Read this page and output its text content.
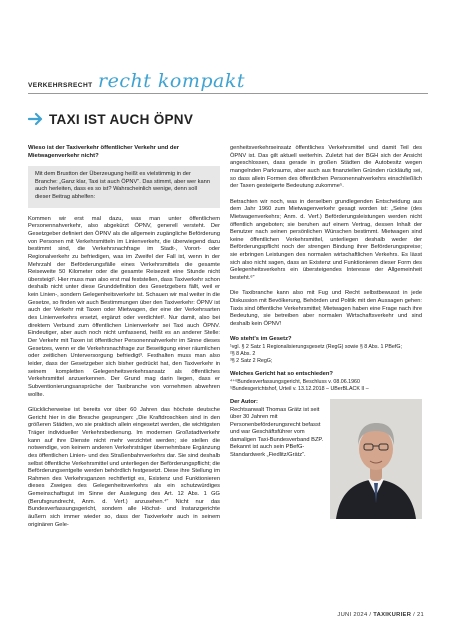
VERKEHRSRECHT recht kompakt
TAXI IST AUCH ÖPNV

Wieso ist der Taxiverkehr öffentlicher Verkehr und der Mietwagenverkehr nicht?

Mit dem Brustton der Überzeugung heißt es vielstimmig in der Branche: „Ganz klar, Taxi ist auch ÖPNV“. Das stimmt, aber wer kann auch herleiten, dass es so ist? Wahrscheinlich wenige, denn soll dieser Beitrag abhelfen:

Kommen wir erst mal dazu, was man unter öffentlichem Personennahverkehr, also abgekürzt ÖPNV, generell versteht. Der Gesetzgeber definiert den ÖPNV als die allgemein zugängliche Beförderung von Personen mit Verkehrsmitteln im Linienverkehr, die überwiegend dazu bestimmt sind, die Verkehrsnachfrage im Stadt-, Vorort- oder Regionalverkehr zu befriedigen, was im Zweifel der Fall ist, wenn in der Mehrzahl der Beförderungsfälle eines Verkehrsmittels die gesamte Reiseweite 50 Kilometer oder die gesamte Reisezeit eine Stunde nicht übersteigt¹. Hier muss man also erst mal feststellen, dass Taxiverkehr schon deshalb nicht unter diese Grunddefinition des Gesetzgebers fällt, weil er kein Linien-, sondern Gelegenheitsverkehr ist. Schauen wir mal weiter in die Gesetze, so finden wir auch Bestimmungen über den Taxiverkehr: ÖPNV ist auch der Verkehr mit Taxen oder Mietwagen, der eine der Verkehrsarten des Linienverkehrs ersetzt, ergänzt oder verdichtet². Nur damit, also bei direktem Verbund zum öffentlichen Linienverkehr sei Taxi auch ÖPNV. Eindeutiger, aber auch noch nicht umfassend, heißt es an anderer Stelle: Der Verkehr mit Taxen ist öffentlicher Personennahverkehr im Sinne dieses Gesetzes, wenn er die Verkehrsnachfrage zur Beseitigung einer räumlichen oder zeitlichen Unterversorgung befriedigt³. Festhalten muss man also leider, dass der Gesetzgeber sich bisher gedrückt hat, den Taxiverkehr in seinem kompletten Gelegenheitsverkehrsansatz als öffentliches Verkehrsmittel anzuerkennen. Der Grund mag darin liegen, dass er Subventionierungsansprüche der Taxibranche von vornehmen abwehren wollte.

Glücklicherweise ist bereits vor über 60 Jahren das höchste deutsche Gericht hier in die Bresche gesprungen: „Die Kraftdroschken sind in den größeren Städten, wo sie praktisch allein eingesetzt werden, die wichtigsten Träger individueller Verkehrsbedienung. Im modernen Großstadtverkehr kann auf ihre Dienste nicht mehr verzichtet werden; sie stellen die notwendige, von keinem anderen Verkehrsträger übernehmbare Ergänzung des öffentlichen Linien- und des Straßenbahnverkehrs dar. Sie sind deshalb selbst öffentliche Verkehrsmittel und unterliegen der Beförderungspflicht; die Beförderungsentgelte werden behördlich festgesetzt. Diese ihre Stellung im Rahmen des Verkehrsganzen rechtfertigt es, Existenz und Funktionieren dieses Zweiges des Gelegenheitsverkehrs als ein schutzwürdiges Gemeinschaftsgut im Sinne der Auslegung des Art. 12 Abs. 1 GG (Berufsgrundrecht, Anm. d. Verf.) anzusehen.⁴“ Nicht nur das Bundesverfassungsgericht, sondern alle Höchst- und Instanzgerichte äußern sich immer wieder so, dass der Taxiverkehr auch in seinem originären Gele-

genheitsverkehrseinsatz öffentliches Verkehrsmittel und damit Teil des ÖPNV ist. Das gilt aktuell weiterhin. Zuletzt hat der BGH sich der Ansicht angeschlossen, dass gerade in großen Städten die Autobesitz wegen mangelnden Parkraums, aber auch aus finanziellen Gründen rückläufig sei, so dass allein Formen des öffentlichen Personennahverkehrs einschließlich der Taxen gesteigerte Bedeutung zukomme⁵.

Betrachten wir noch, was in derselben grundlegenden Entscheidung aus dem Jahr 1960 zum Mietwagenverkehr gesagt worden ist: „Seine (des Mietwagenverkehrs; Anm. d. Verf.) Beförderungsleistungen werden nicht öffentlich angeboten; sie beruhen auf einem Vertrag, dessen Inhalt der Benutzer nach seinen persönlichen Wünschen bestimmt. Mietwagen sind keine öffentlichen Verkehrsmittel, unterliegen deshalb weder der Beförderungspflicht noch der strengen Bindung ihrer Beförderungspreise; sie erbringen Leistungen des normalen wirtschaftlichen Verkehrs. Es lässt sich also nicht sagen, dass an Existenz und Funktionieren dieser Form des Gelegenheitsverkehrs ein übersteigendes Interesse der Allgemeinheit besteht.⁶“

Die Taxibranche kann also mit Fug und Recht selbstbewusst in jede Diskussion mit Bevölkerung, Behörden und Politik mit den Aussagen gehen: Taxis sind öffentliche Verkehrsmittel; Mietwagen haben eine Frage nach ihre Bedeutung, sie betreiben aber normalen Wirtschaftsverkehr und sind deshalb kein ÖPNV!

Wo steht's im Gesetz?

¹vgl. § 2 Satz 1 Regionalisierungsgesetz (RegG) sowie § 8 Abs. 1 PBefG;

²§ 8 Abs. 2

³§ 2 Satz 2 RegG;

Welches Gericht hat so entschieden?

⁴⁺⁶Bundesverfassungsgericht, Beschluss v. 08.06.1960

⁵Bundesgerichtshof, Urteil v. 13.12.2018 – UBerBLACK II –

Der Autor:
Rechtsanwalt Thomas Grätz ist seit über 30 Jahren mit Personenbeförderungsrecht befasst und war Geschäftsführer vom damaligen Taxi-Bundesverband BZP. Bekannt ist auch sein PBefG-Standardwerk „Fiedlitz/Grätz“.
JUNI 2024 / TAXIKURIER / 21
